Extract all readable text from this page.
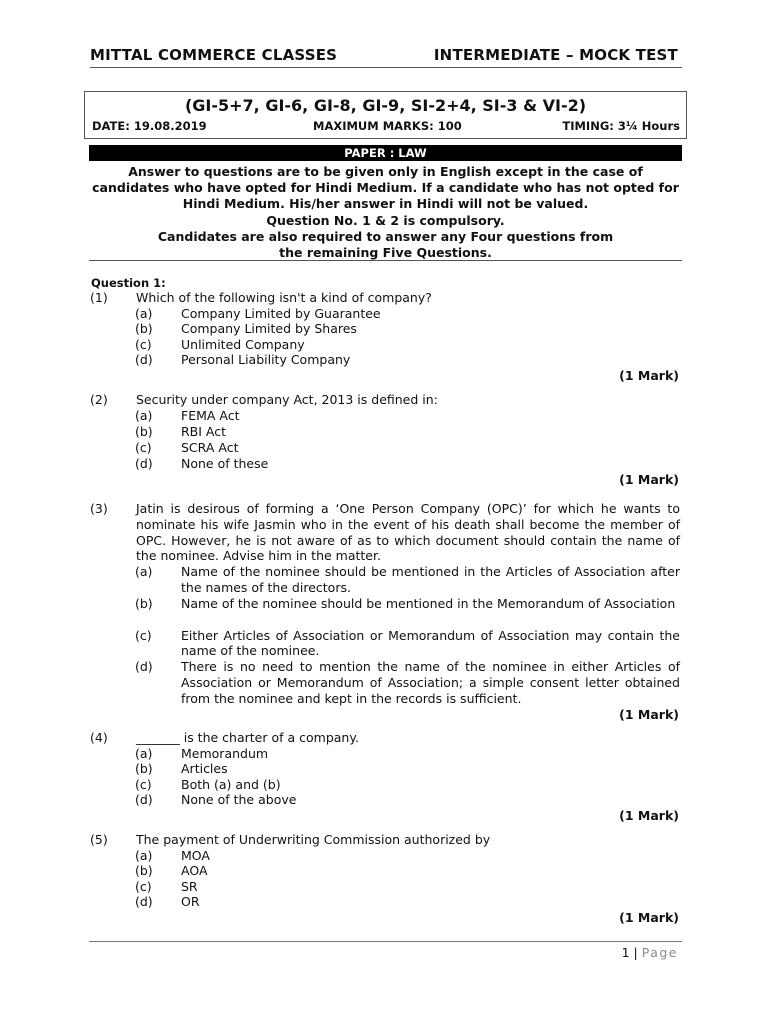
MITTAL COMMERCE CLASSES	INTERMEDIATE – MOCK TEST
(GI-5+7, GI-6, GI-8, GI-9, SI-2+4, SI-3 & VI-2)
DATE: 19.08.2019	MAXIMUM MARKS: 100	TIMING: 3¼ Hours
PAPER : LAW
Answer to questions are to be given only in English except in the case of
candidates who have opted for Hindi Medium. If a candidate who has not opted for
Hindi Medium. His/her answer in Hindi will not be valued.
Question No. 1 & 2 is compulsory.
Candidates are also required to answer any Four questions from
the remaining Five Questions.
Question 1:
(1) Which of the following isn't a kind of company?
(a) Company Limited by Guarantee
(b) Company Limited by Shares
(c) Unlimited Company
(d) Personal Liability Company
(1 Mark)
(2) Security under company Act, 2013 is defined in:
(a) FEMA Act
(b) RBI Act
(c) SCRA Act
(d) None of these
(1 Mark)
(3) Jatin is desirous of forming a ‘One Person Company (OPC)’ for which he wants to nominate his wife Jasmin who in the event of his death shall become the member of OPC. However, he is not aware of as to which document should contain the name of the nominee. Advise him in the matter.
(a) Name of the nominee should be mentioned in the Articles of Association after the names of the directors.
(b) Name of the nominee should be mentioned in the Memorandum of Association
(c) Either Articles of Association or Memorandum of Association may contain the name of the nominee.
(d) There is no need to mention the name of the nominee in either Articles of Association or Memorandum of Association; a simple consent letter obtained from the nominee and kept in the records is sufficient.
(1 Mark)
(4) _______ is the charter of a company.
(a) Memorandum
(b) Articles
(c) Both (a) and (b)
(d) None of the above
(1 Mark)
(5) The payment of Underwriting Commission authorized by
(a) MOA
(b) AOA
(c) SR
(d) OR
(1 Mark)
1 | Page
